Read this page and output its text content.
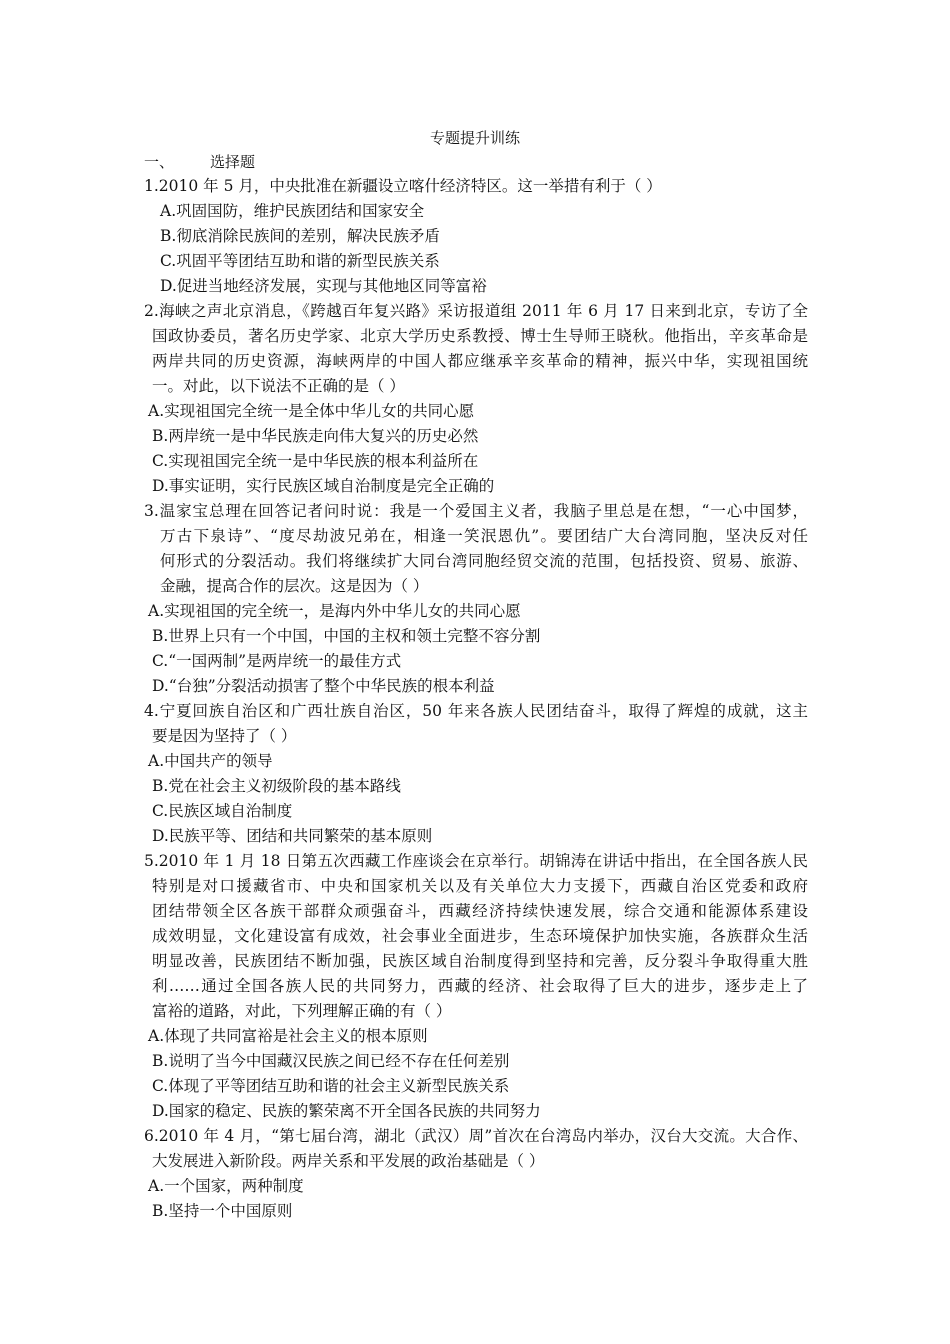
专题提升训练
一、 选择题
1.2010 年 5 月，中央批准在新疆设立喀什经济特区。这一举措有利于（ ）
A.巩固国防，维护民族团结和国家安全
B.彻底消除民族间的差别，解决民族矛盾
C.巩固平等团结互助和谐的新型民族关系
D.促进当地经济发展，实现与其他地区同等富裕
2.海峡之声北京消息，《跨越百年复兴路》采访报道组 2011 年 6 月 17 日来到北京，专访了全
国政协委员，著名历史学家、北京大学历史系教授、博士生导师王晓秋。他指出，辛亥革命是
两岸共同的历史资源，海峡两岸的中国人都应继承辛亥革命的精神，振兴中华，实现祖国统
一。对此，以下说法不正确的是（ ）
A.实现祖国完全统一是全体中华儿女的共同心愿
B.两岸统一是中华民族走向伟大复兴的历史必然
C.实现祖国完全统一是中华民族的根本利益所在
D.事实证明，实行民族区域自治制度是完全正确的
3.温家宝总理在回答记者问时说：我是一个爱国主义者，我脑子里总是在想，“一心中国梦，
万古下泉诗”、“度尽劫波兄弟在，相逢一笑泯恩仇”。要团结广大台湾同胞，坚决反对任
何形式的分裂活动。我们将继续扩大同台湾同胞经贸交流的范围，包括投资、贸易、旅游、
金融，提高合作的层次。这是因为（ ）
A.实现祖国的完全统一，是海内外中华儿女的共同心愿
B.世界上只有一个中国，中国的主权和领土完整不容分割
C.“一国两制”是两岸统一的最佳方式
D.“台独”分裂活动损害了整个中华民族的根本利益
4.宁夏回族自治区和广西壮族自治区，50 年来各族人民团结奋斗，取得了辉煌的成就，这主
要是因为坚持了（ ）
A.中国共产的领导
B.党在社会主义初级阶段的基本路线
C.民族区域自治制度
D.民族平等、团结和共同繁荣的基本原则
5.2010 年 1 月 18 日第五次西藏工作座谈会在京举行。胡锦涛在讲话中指出，在全国各族人民
特别是对口援藏省市、中央和国家机关以及有关单位大力支援下，西藏自治区党委和政府
团结带领全区各族干部群众顽强奋斗，西藏经济持续快速发展，综合交通和能源体系建设
成效明显，文化建设富有成效，社会事业全面进步，生态环境保护加快实施，各族群众生活
明显改善，民族团结不断加强，民族区域自治制度得到坚持和完善，反分裂斗争取得重大胜
利……通过全国各族人民的共同努力，西藏的经济、社会取得了巨大的进步，逐步走上了
富裕的道路，对此，下列理解正确的有（ ）
A.体现了共同富裕是社会主义的根本原则
B.说明了当今中国藏汉民族之间已经不存在任何差别
C.体现了平等团结互助和谐的社会主义新型民族关系
D.国家的稳定、民族的繁荣离不开全国各民族的共同努力
6.2010 年 4 月，“第七届台湾，湖北（武汉）周”首次在台湾岛内举办，汉台大交流。大合作、
大发展进入新阶段。两岸关系和平发展的政治基础是（ ）
A.一个国家，两种制度
B.坚持一个中国原则
